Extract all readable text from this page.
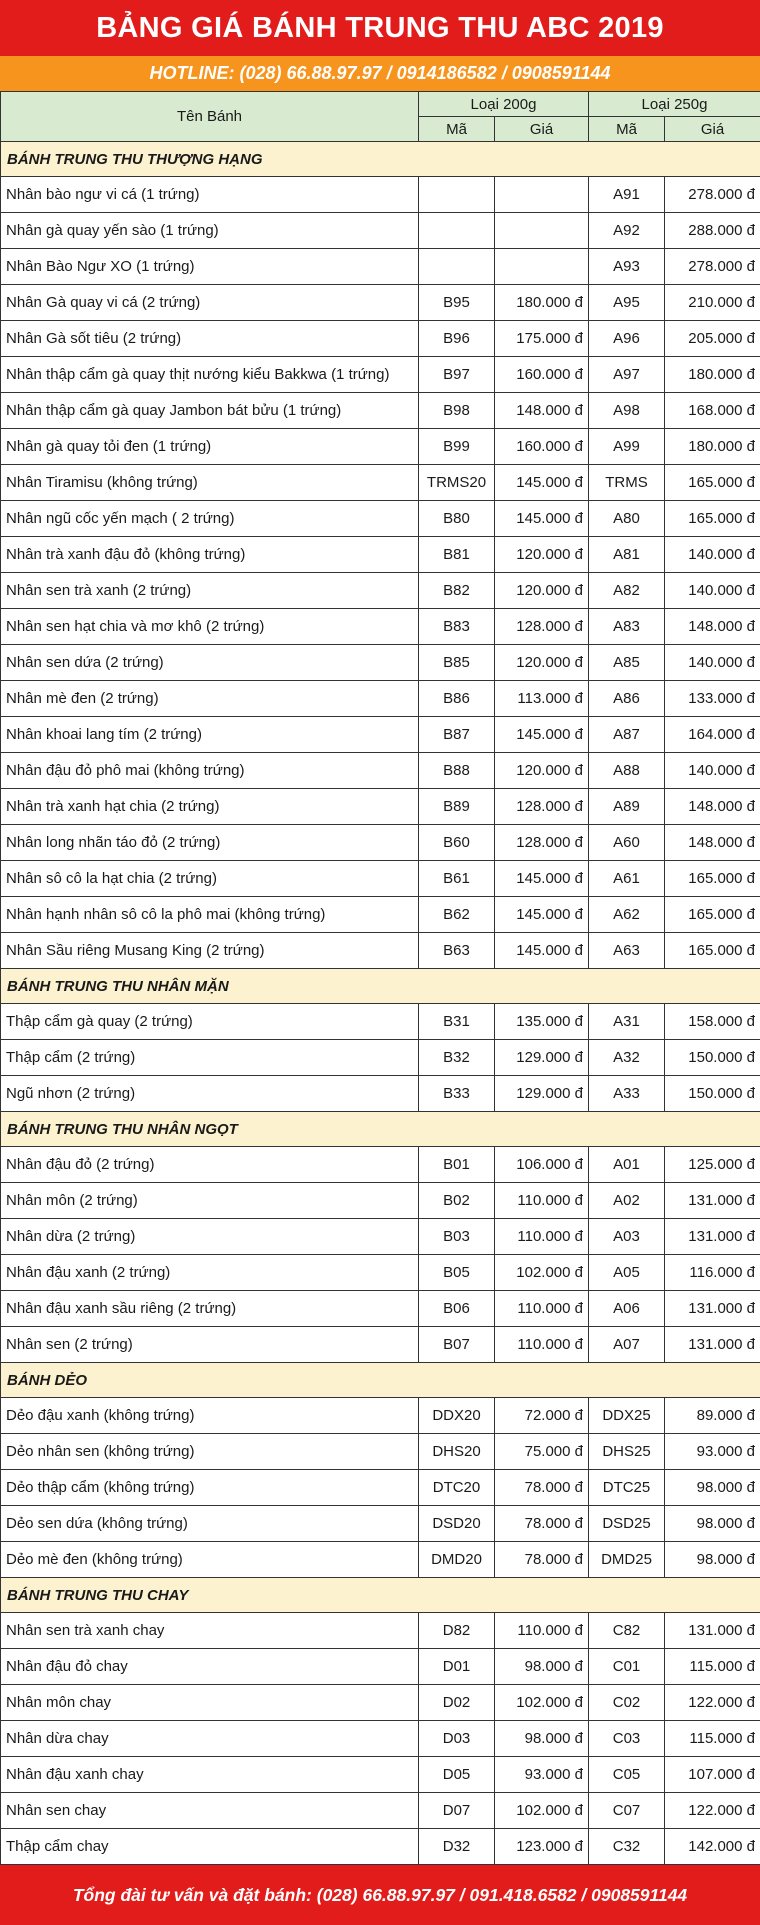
BẢNG GIÁ BÁNH TRUNG THU ABC 2019
HOTLINE: (028) 66.88.97.97 / 0914186582 / 0908591144
Tên Bánh	Loại 200g		Loại 250g	
	Mã	Giá	Mã	Giá
BÁNH TRUNG THU THƯỢNG HẠNG				
Nhân bào ngư vi cá (1 trứng)			A91	278.000 đ
Nhân gà quay yến sào (1 trứng)			A92	288.000 đ
Nhân Bào Ngư XO (1 trứng)			A93	278.000 đ
Nhân Gà quay vi cá (2 trứng)	B95	180.000 đ	A95	210.000 đ
Nhân Gà sốt tiêu (2 trứng)	B96	175.000 đ	A96	205.000 đ
Nhân thập cẩm gà quay thịt nướng kiểu Bakkwa (1 trứng)	B97	160.000 đ	A97	180.000 đ
Nhân thập cẩm gà quay Jambon bát bửu (1 trứng)	B98	148.000 đ	A98	168.000 đ
Nhân gà quay tỏi đen (1 trứng)	B99	160.000 đ	A99	180.000 đ
Nhân Tiramisu (không trứng)	TRMS20	145.000 đ	TRMS	165.000 đ
Nhân ngũ cốc yến mạch ( 2 trứng)	B80	145.000 đ	A80	165.000 đ
Nhân trà xanh đậu đỏ (không trứng)	B81	120.000 đ	A81	140.000 đ
Nhân sen trà xanh (2 trứng)	B82	120.000 đ	A82	140.000 đ
Nhân sen hạt chia và mơ khô (2 trứng)	B83	128.000 đ	A83	148.000 đ
Nhân sen dứa (2 trứng)	B85	120.000 đ	A85	140.000 đ
Nhân mè đen (2 trứng)	B86	113.000 đ	A86	133.000 đ
Nhân khoai lang tím (2 trứng)	B87	145.000 đ	A87	164.000 đ
Nhân đậu đỏ phô mai (không trứng)	B88	120.000 đ	A88	140.000 đ
Nhân trà xanh hạt chia (2 trứng)	B89	128.000 đ	A89	148.000 đ
Nhân long nhãn táo đỏ (2 trứng)	B60	128.000 đ	A60	148.000 đ
Nhân sô cô la hạt chia (2 trứng)	B61	145.000 đ	A61	165.000 đ
Nhân hạnh nhân sô cô la phô mai (không trứng)	B62	145.000 đ	A62	165.000 đ
Nhân Sầu riêng Musang King (2 trứng)	B63	145.000 đ	A63	165.000 đ
BÁNH TRUNG THU NHÂN MẶN				
Thập cẩm gà quay (2 trứng)	B31	135.000 đ	A31	158.000 đ
Thập cẩm (2 trứng)	B32	129.000 đ	A32	150.000 đ
Ngũ nhơn (2 trứng)	B33	129.000 đ	A33	150.000 đ
BÁNH TRUNG THU NHÂN NGỌT				
Nhân đậu đỏ (2 trứng)	B01	106.000 đ	A01	125.000 đ
Nhân môn (2 trứng)	B02	110.000 đ	A02	131.000 đ
Nhân dừa (2 trứng)	B03	110.000 đ	A03	131.000 đ
Nhân đậu xanh (2 trứng)	B05	102.000 đ	A05	116.000 đ
Nhân đậu xanh sầu riêng (2 trứng)	B06	110.000 đ	A06	131.000 đ
Nhân sen (2 trứng)	B07	110.000 đ	A07	131.000 đ
BÁNH DẺO				
Dẻo đậu xanh (không trứng)	DDX20	72.000 đ	DDX25	89.000 đ
Dẻo nhân sen (không trứng)	DHS20	75.000 đ	DHS25	93.000 đ
Dẻo thập cẩm (không trứng)	DTC20	78.000 đ	DTC25	98.000 đ
Dẻo sen dứa (không trứng)	DSD20	78.000 đ	DSD25	98.000 đ
Dẻo mè đen (không trứng)	DMD20	78.000 đ	DMD25	98.000 đ
BÁNH TRUNG THU CHAY				
Nhân sen trà xanh chay	D82	110.000 đ	C82	131.000 đ
Nhân đậu đỏ chay	D01	98.000 đ	C01	115.000 đ
Nhân môn chay	D02	102.000 đ	C02	122.000 đ
Nhân dừa chay	D03	98.000 đ	C03	115.000 đ
Nhân đậu xanh chay	D05	93.000 đ	C05	107.000 đ
Nhân sen chay	D07	102.000 đ	C07	122.000 đ
Thập cẩm chay	D32	123.000 đ	C32	142.000 đ
Tổng đài tư vấn và đặt bánh: (028) 66.88.97.97 / 091.418.6582 / 0908591144
